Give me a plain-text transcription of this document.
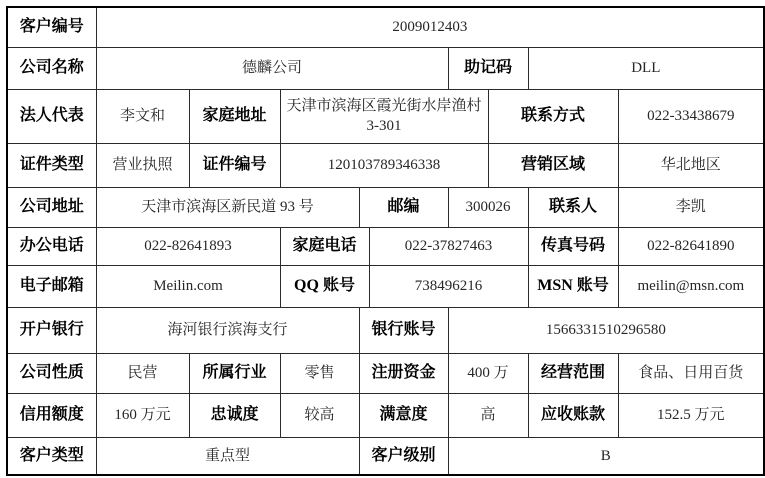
客户编号	2009012403								
公司名称	德麟公司					助记码		DLL	
法人代表	李文和	家庭地址	天津市滨海区霞光街水岸渔村3-301				联系方式		022-33438679
证件类型	营业执照	证件编号	120103789346338				营销区域		华北地区
公司地址	天津市滨海区新民道 93 号			邮编		300026		联系人	李凯
办公电话	022-82641893		家庭电话		022-37827463			传真号码	022-82641890
电子邮箱	Meilin.com		QQ 账号		738496216			MSN 账号	meilin@msn.com
开户银行	海河银行滨海支行			银行账号		1566331510296580			
公司性质	民营	所属行业	零售	注册资金		400 万		经营范围	食品、日用百货
信用额度	160 万元	忠诚度	较高	满意度		高		应收账款	152.5 万元
客户类型	重点型			客户级别		B			
